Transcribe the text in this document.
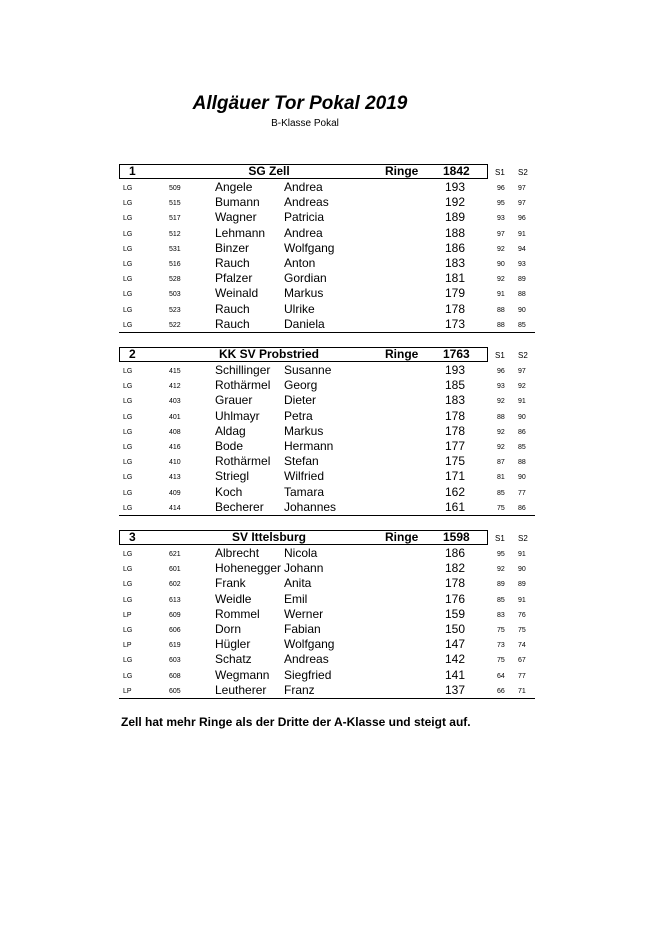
Allgäuer Tor Pokal 2019
B-Klasse Pokal
1	SG Zell	Ringe 1842	S1 S2
LG	509	Angele	Andrea	193	96 97
LG	515	Bumann Andreas	192	95 97
LG	517	Wagner Patricia	189	93 96
LG	512	Lehmann Andrea	188	97 91
LG	531	Binzer	Wolfgang	186	92 94
LG	516	Rauch	Anton	183	90 93
LG	528	Pfalzer	Gordian	181	92 89
LG	503	Weinald Markus	179	91 88
LG	523	Rauch	Ulrike	178	88 90
LG	522	Rauch	Daniela	173	88 85
2	KK SV Probstried	Ringe 1763	S1 S2
LG	415	Schillinger Susanne	193	96 97
LG	412	Rothärmel Georg	185	93 92
LG	403	Grauer	Dieter	183	92 91
LG	401	Uhlmayr Petra	178	88 90
LG	408	Aldag	Markus	178	92 86
LG	416	Bode	Hermann	177	92 85
LG	410	Rothärmel Stefan	175	87 88
LG	413	Striegl	Wilfried	171	81 90
LG	409	Koch	Tamara	162	85 77
LG	414	Becherer Johannes	161	75 86
3	SV Ittelsburg	Ringe 1598	S1 S2
LG	621	Albrecht Nicola	186	95 91
LG	601	Hohenegger Johann	182	92 90
LG	602	Frank	Anita	178	89 89
LG	613	Weidle	Emil	176	85 91
LP	609	Rommel Werner	159	83 76
LG	606	Dorn	Fabian	150	75 75
LP	619	Hügler	Wolfgang	147	73 74
LG	603	Schatz	Andreas	142	75 67
LG	608	Wegmann Siegfried	141	64 77
LP	605	Leutherer Franz	137	66 71
Zell hat mehr Ringe als der Dritte der A-Klasse und steigt auf.
